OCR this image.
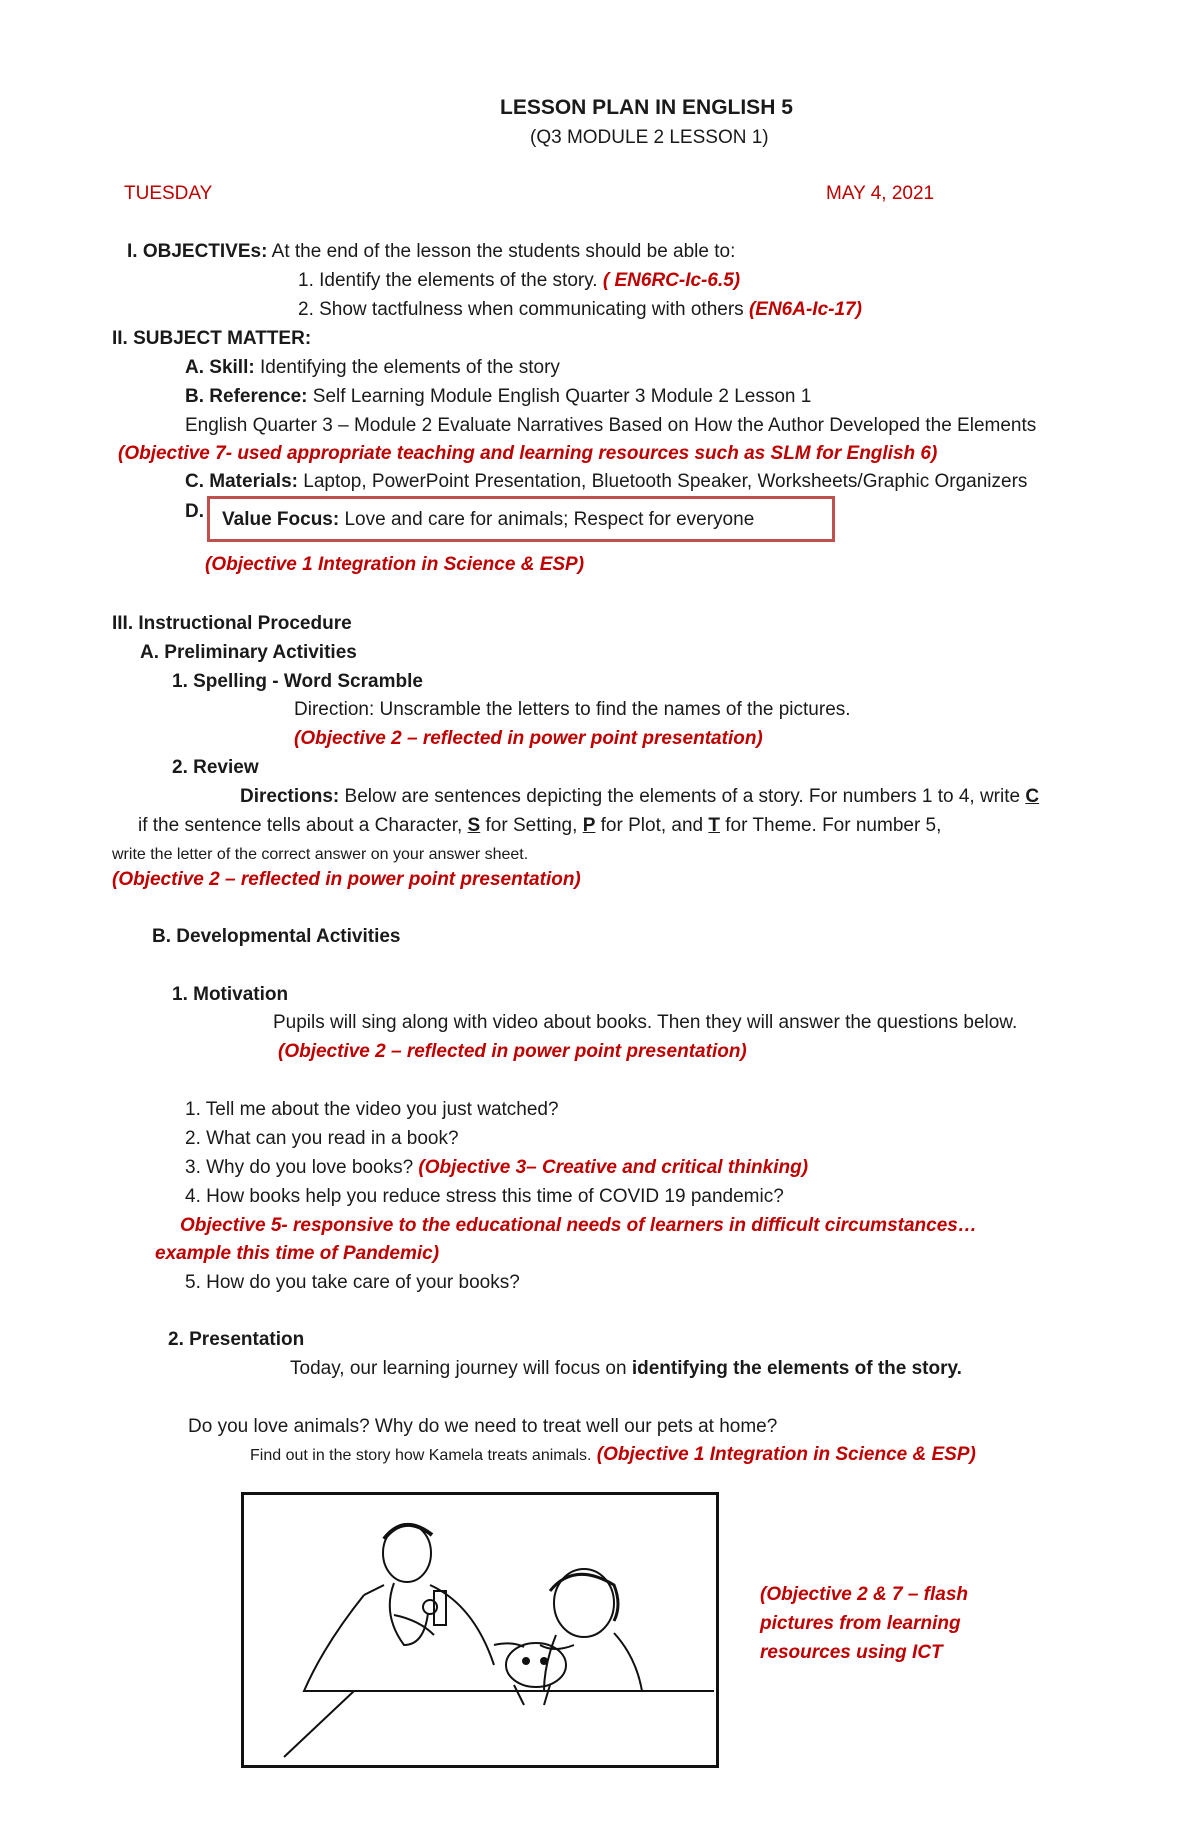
LESSON PLAN IN ENGLISH 5
(Q3 MODULE 2 LESSON 1)
TUESDAY	MAY 4, 2021
I. OBJECTIVEs: At the end of the lesson the students should be able to:
1. Identify the elements of the story. ( EN6RC-Ic-6.5)
2. Show tactfulness when communicating with others (EN6A-Ic-17)
II. SUBJECT MATTER:
A. Skill: Identifying the elements of the story
B. Reference: Self Learning Module English Quarter 3 Module 2 Lesson 1
English Quarter 3 – Module 2 Evaluate Narratives Based on How the Author Developed the Elements
(Objective 7- used appropriate teaching and learning resources such as SLM for English 6)
C. Materials: Laptop, PowerPoint Presentation, Bluetooth Speaker, Worksheets/Graphic Organizers
D. Value Focus: Love and care for animals; Respect for everyone
(Objective 1 Integration in Science & ESP)
III. Instructional Procedure
A. Preliminary Activities
1. Spelling - Word Scramble
Direction: Unscramble the letters to find the names of the pictures.
(Objective 2 – reflected in power point presentation)
2. Review
Directions: Below are sentences depicting the elements of a story. For numbers 1 to 4, write C
if the sentence tells about a Character, S for Setting, P for Plot, and T for Theme. For number 5,
write the letter of the correct answer on your answer sheet.
(Objective 2 – reflected in power point presentation)
B. Developmental Activities
1. Motivation
Pupils will sing along with video about books. Then they will answer the questions below.
(Objective 2 – reflected in power point presentation)
1. Tell me about the video you just watched?
2. What can you read in a book?
3. Why do you love books? (Objective 3– Creative and critical thinking)
4. How books help you reduce stress this time of COVID 19 pandemic?
Objective 5- responsive to the educational needs of learners in difficult circumstances…
example this time of Pandemic)
5. How do you take care of your books?
2. Presentation
Today, our learning journey will focus on identifying the elements of the story.
Do you love animals? Why do we need to treat well our pets at home?
Find out in the story how Kamela treats animals. (Objective 1 Integration in Science & ESP)
(Objective 2 & 7 – flash
pictures from learning
resources using ICT
